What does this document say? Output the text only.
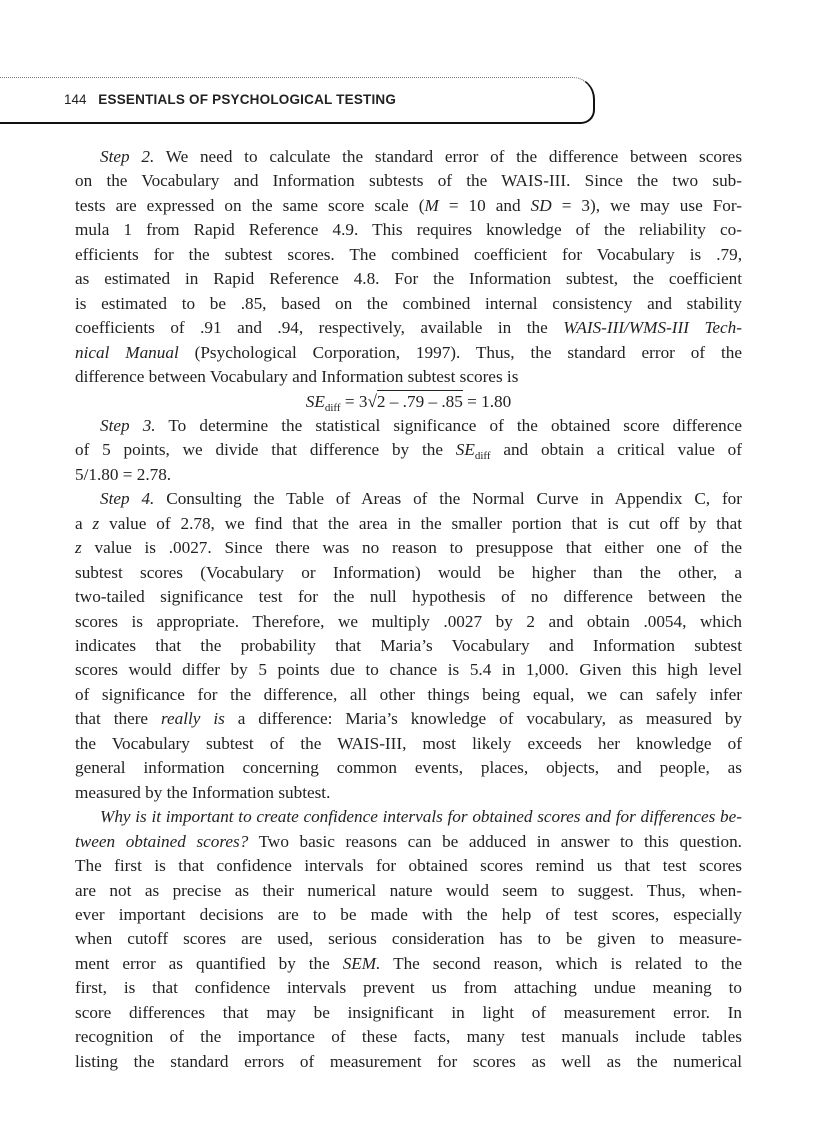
144 ESSENTIALS OF PSYCHOLOGICAL TESTING
Step 2. We need to calculate the standard error of the difference between scores
on the Vocabulary and Information subtests of the WAIS-III. Since the two sub-
tests are expressed on the same score scale (M = 10 and SD = 3), we may use For-
mula 1 from Rapid Reference 4.9. This requires knowledge of the reliability co-
efficients for the subtest scores. The combined coefficient for Vocabulary is .79,
as estimated in Rapid Reference 4.8. For the Information subtest, the coefficient
is estimated to be .85, based on the combined internal consistency and stability
coefficients of .91 and .94, respectively, available in the WAIS-III/WMS-III Tech-
nical Manual (Psychological Corporation, 1997). Thus, the standard error of the
difference between Vocabulary and Information subtest scores is
$SE_{diff} = 3√2 - .79 - .85 = 1.80$
Step 3. To determine the statistical significance of the obtained score difference
of 5 points, we divide that difference by the $SE_{diff}$ and obtain a critical value of
5/1.80 = 2.78.
Step 4. Consulting the Table of Areas of the Normal Curve in Appendix C, for
a z value of 2.78, we find that the area in the smaller portion that is cut off by that
z value is .0027. Since there was no reason to presuppose that either one of the
subtest scores (Vocabulary or Information) would be higher than the other, a
two-tailed significance test for the null hypothesis of no difference between the
scores is appropriate. Therefore, we multiply .0027 by 2 and obtain .0054, which
indicates that the probability that Maria’s Vocabulary and Information subtest
scores would differ by 5 points due to chance is 5.4 in 1,000. Given this high level
of significance for the difference, all other things being equal, we can safely infer
that there really is a difference: Maria’s knowledge of vocabulary, as measured by
the Vocabulary subtest of the WAIS-III, most likely exceeds her knowledge of
general information concerning common events, places, objects, and people, as
measured by the Information subtest.
Why is it important to create confidence intervals for obtained scores and for differences be-
tween obtained scores? Two basic reasons can be adduced in answer to this question.
The first is that confidence intervals for obtained scores remind us that test scores
are not as precise as their numerical nature would seem to suggest. Thus, when-
ever important decisions are to be made with the help of test scores, especially
when cutoff scores are used, serious consideration has to be given to measure-
ment error as quantified by the SEM. The second reason, which is related to the
first, is that confidence intervals prevent us from attaching undue meaning to
score differences that may be insignificant in light of measurement error. In
recognition of the importance of these facts, many test manuals include tables
listing the standard errors of measurement for scores as well as the numerical
